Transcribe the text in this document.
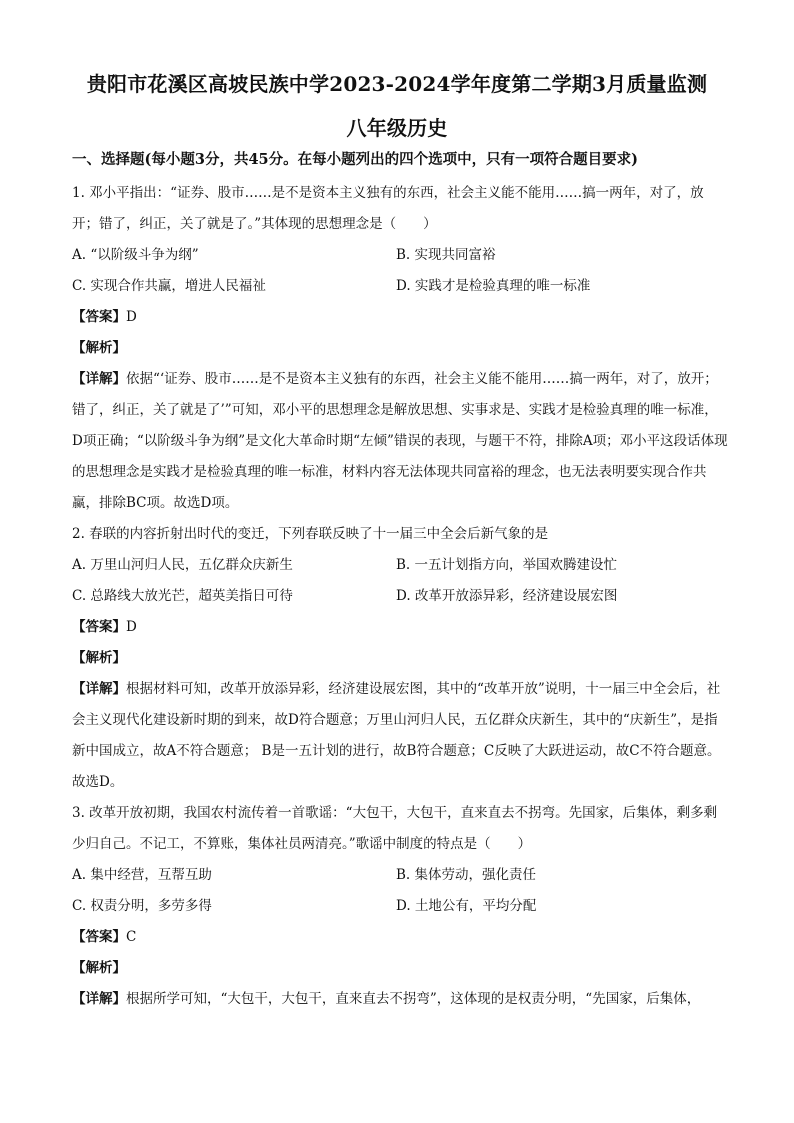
贵阳市花溪区高坡民族中学2023-2024学年度第二学期3月质量监测
八年级历史

一、选择题(每小题3分，共45分。在每小题列出的四个选项中，只有一项符合题目要求)

1. 邓小平指出：“证券、股市……是不是资本主义独有的东西，社会主义能不能用……搞一两年，对了，放开；错了，纠正，关了就是了。”其体现的思想理念是（　　）

A. “以阶级斗争为纲”	B. 实现共同富裕
C. 实现合作共赢，增进人民福祉	D. 实践才是检验真理的唯一标准

【答案】D

【解析】

【详解】依据“‘证券、股市……是不是资本主义独有的东西，社会主义能不能用……搞一两年，对了，放开；错了，纠正，关了就是了’”可知，邓小平的思想理念是解放思想、实事求是、实践才是检验真理的唯一标准，D项正确；“以阶级斗争为纲”是文化大革命时期“左倾”错误的表现，与题干不符，排除A项；邓小平这段话体现的思想理念是实践才是检验真理的唯一标准，材料内容无法体现共同富裕的理念，也无法表明要实现合作共赢，排除BC项。故选D项。

2. 春联的内容折射出时代的变迁，下列春联反映了十一届三中全会后新气象的是

A. 万里山河归人民，五亿群众庆新生	B. 一五计划指方向，举国欢腾建设忙
C. 总路线大放光芒，超英美指日可待	D. 改革开放添异彩，经济建设展宏图

【答案】D

【解析】

【详解】根据材料可知，改革开放添异彩，经济建设展宏图，其中的“改革开放”说明，十一届三中全会后，社会主义现代化建设新时期的到来，故D符合题意；万里山河归人民，五亿群众庆新生，其中的“庆新生”，是指新中国成立，故A不符合题意； B是一五计划的进行，故B符合题意；C反映了大跃进运动，故C不符合题意。故选D。

3. 改革开放初期，我国农村流传着一首歌谣：“大包干，大包干，直来直去不拐弯。先国家，后集体，剩多剩少归自己。不记工，不算账，集体社员两清亮。”歌谣中制度的特点是（　　）

A. 集中经营，互帮互助	B. 集体劳动，强化责任
C. 权责分明，多劳多得	D. 土地公有，平均分配

【答案】C

【解析】

【详解】根据所学可知，“大包干，大包干，直来直去不拐弯”，这体现的是权责分明，“先国家，后集体，
